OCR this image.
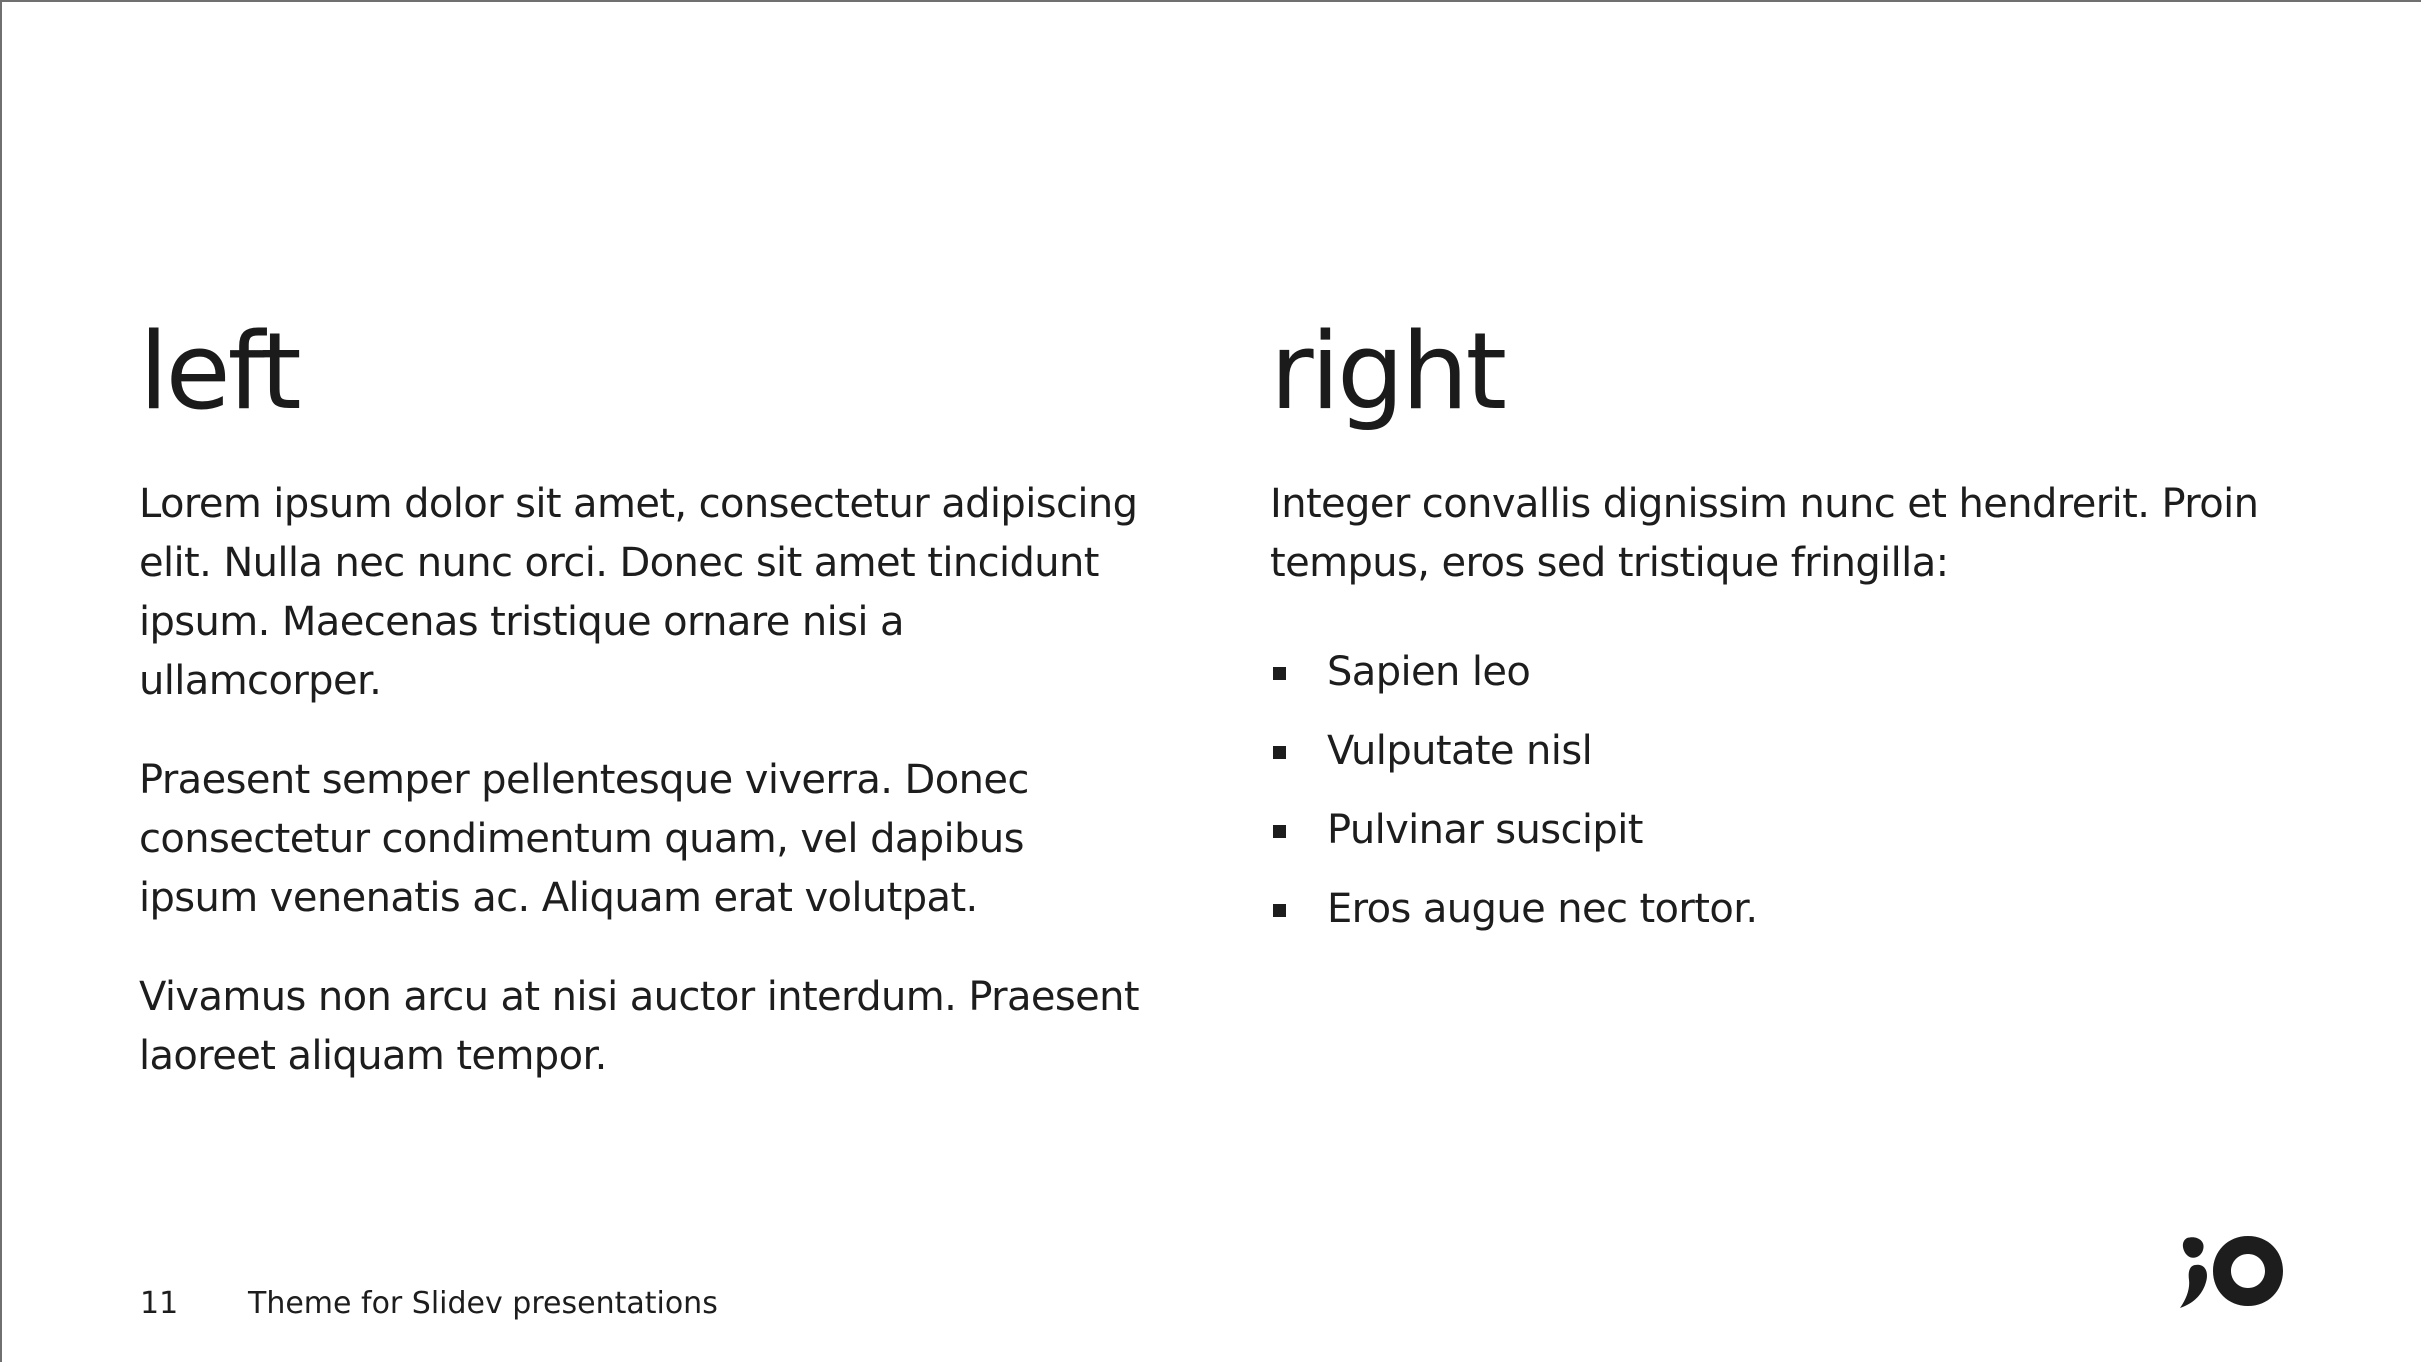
left

Lorem ipsum dolor sit amet, consectetur adipiscing elit. Nulla nec nunc orci. Donec sit amet tincidunt ipsum. Maecenas tristique ornare nisi a ullamcorper.

Praesent semper pellentesque viverra. Donec consectetur condimentum quam, vel dapibus ipsum venenatis ac. Aliquam erat volutpat.

Vivamus non arcu at nisi auctor interdum. Praesent laoreet aliquam tempor.

right

Integer convallis dignissim nunc et hendrerit. Proin tempus, eros sed tristique fringilla:

Sapien leo
Vulputate nisl
Pulvinar suscipit
Eros augue nec tortor.
11	Theme for Slidev presentations
